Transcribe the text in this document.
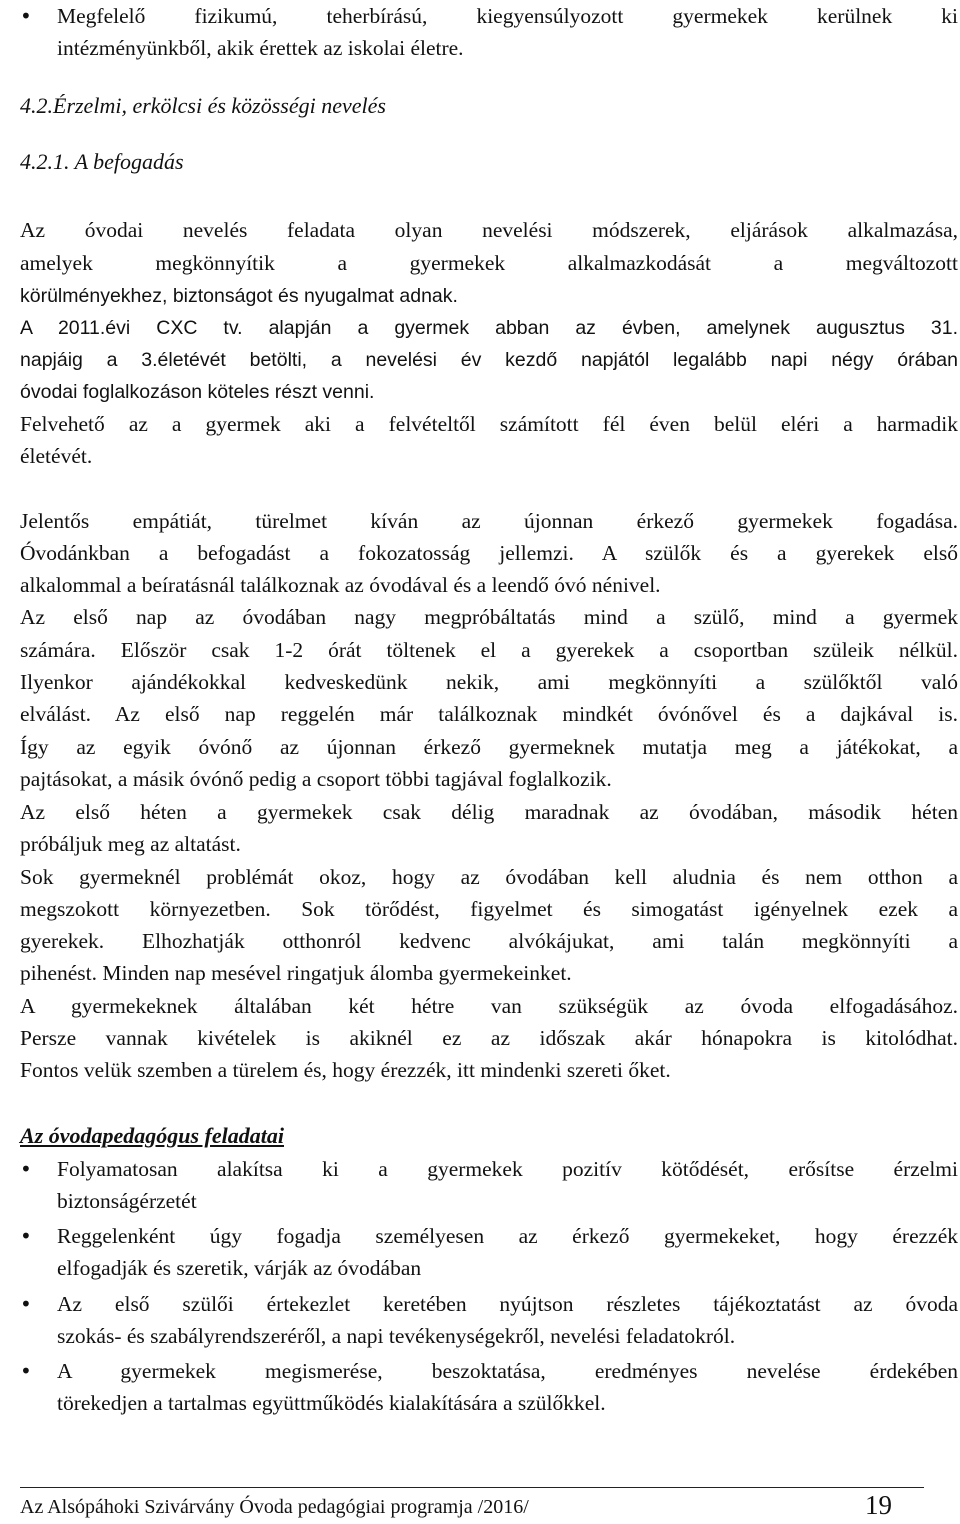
• Megfelelő fizikumú, teherbírású, kiegyensúlyozott gyermekek kerülnek ki
intézményünkből, akik érettek az iskolai életre.
4.2.Érzelmi, erkölcsi és közösségi nevelés
4.2.1. A befogadás
Az óvodai nevelés feladata olyan nevelési módszerek, eljárások alkalmazása,
amelyek megkönnyítik a gyermekek alkalmazkodását a megváltozott
körülményekhez, biztonságot és nyugalmat adnak.
A 2011.évi CXC tv. alapján a gyermek abban az évben, amelynek augusztus 31.
napjáig a 3.életévét betölti, a nevelési év kezdő napjától legalább napi négy órában
óvodai foglalkozáson köteles részt venni.
Felvehető az a gyermek aki a felvételtől számított fél éven belül eléri a harmadik
életévét.
Jelentős empátiát, türelmet kíván az újonnan érkező gyermekek fogadása.
Óvodánkban a befogadást a fokozatosság jellemzi. A szülők és a gyerekek első
alkalommal a beíratásnál találkoznak az óvodával és a leendő óvó nénivel.
Az első nap az óvodában nagy megpróbáltatás mind a szülő, mind a gyermek
számára. Először csak 1-2 órát töltenek el a gyerekek a csoportban szüleik nélkül.
Ilyenkor ajándékokkal kedveskedünk nekik, ami megkönnyíti a szülőktől való
elválást. Az első nap reggelén már találkoznak mindkét óvónővel és a dajkával is.
Így az egyik óvónő az újonnan érkező gyermeknek mutatja meg a játékokat, a
pajtásokat, a másik óvónő pedig a csoport többi tagjával foglalkozik.
Az első héten a gyermekek csak délig maradnak az óvodában, második héten
próbáljuk meg az altatást.
Sok gyermeknél problémát okoz, hogy az óvodában kell aludnia és nem otthon a
megszokott környezetben. Sok törődést, figyelmet és simogatást igényelnek ezek a
gyerekek. Elhozhatják otthonról kedvenc alvókájukat, ami talán megkönnyíti a
pihenést. Minden nap mesével ringatjuk álomba gyermekeinket.
A gyermekeknek általában két hétre van szükségük az óvoda elfogadásához.
Persze vannak kivételek is akiknél ez az időszak akár hónapokra is kitolódhat.
Fontos velük szemben a türelem és, hogy érezzék, itt mindenki szereti őket.
Az óvodapedagógus feladatai
• Folyamatosan alakítsa ki a gyermekek pozitív kötődését, erősítse érzelmi
biztonságérzetét
• Reggelenként úgy fogadja személyesen az érkező gyermekeket, hogy érezzék
elfogadják és szeretik, várják az óvodában
• Az első szülői értekezlet keretében nyújtson részletes tájékoztatást az óvoda
szokás- és szabályrendszeréről, a napi tevékenységekről, nevelési feladatokról.
• A gyermekek megismerése, beszoktatása, eredményes nevelése érdekében
törekedjen a tartalmas együttműködés kialakítására a szülőkkel.
Az Alsópáhoki Szivárvány Óvoda pedagógiai programja /2016/	19
